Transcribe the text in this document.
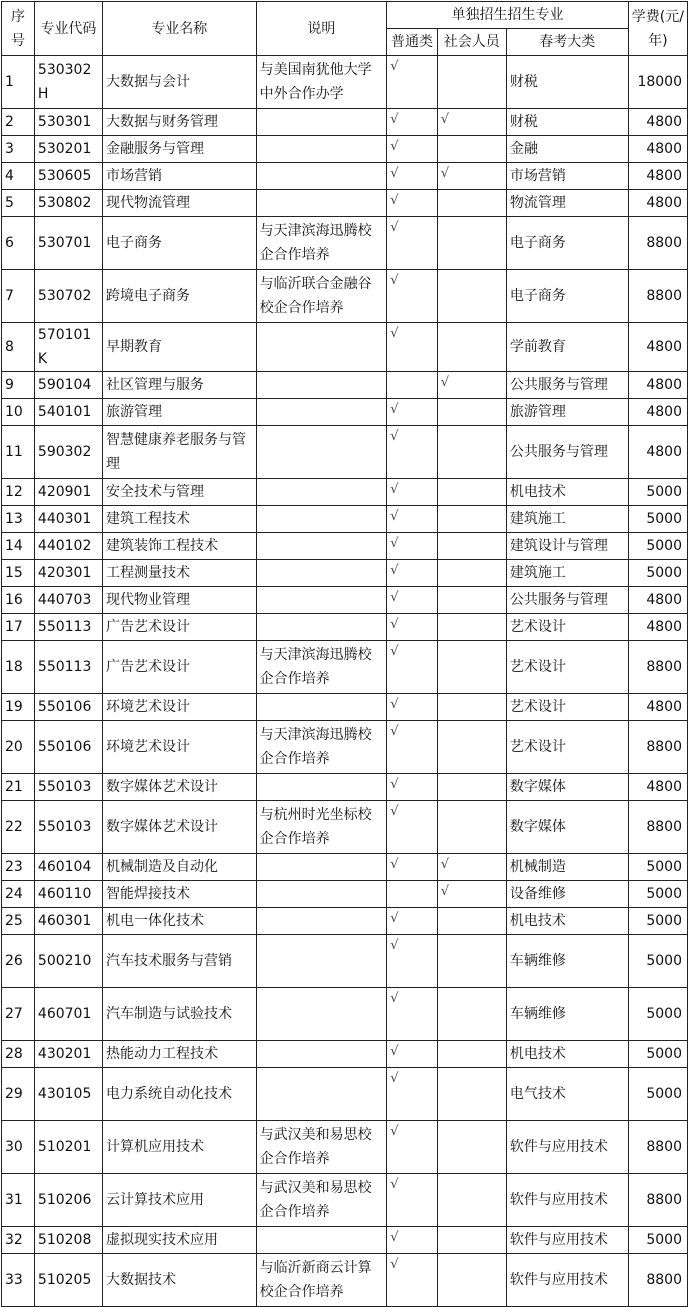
序号	专业代码	专业名称	说明	单独招生招生专业			学费(元/年)
				普通类	社会人员	春考大类	
1	530302H	大数据与会计	与美国南犹他大学中外合作办学	√		财税	18000
2	530301	大数据与财务管理		√	√	财税	4800
3	530201	金融服务与管理		√		金融	4800
4	530605	市场营销		√	√	市场营销	4800
5	530802	现代物流管理		√		物流管理	4800
6	530701	电子商务	与天津滨海迅腾校企合作培养	√		电子商务	8800
7	530702	跨境电子商务	与临沂联合金融谷校企合作培养	√		电子商务	8800
8	570101K	早期教育		√		学前教育	4800
9	590104	社区管理与服务			√	公共服务与管理	4800
10	540101	旅游管理		√		旅游管理	4800
11	590302	智慧健康养老服务与管理		√		公共服务与管理	4800
12	420901	安全技术与管理		√		机电技术	5000
13	440301	建筑工程技术		√		建筑施工	5000
14	440102	建筑装饰工程技术		√		建筑设计与管理	5000
15	420301	工程测量技术		√		建筑施工	5000
16	440703	现代物业管理		√		公共服务与管理	4800
17	550113	广告艺术设计		√		艺术设计	4800
18	550113	广告艺术设计	与天津滨海迅腾校企合作培养	√		艺术设计	8800
19	550106	环境艺术设计		√		艺术设计	4800
20	550106	环境艺术设计	与天津滨海迅腾校企合作培养	√		艺术设计	8800
21	550103	数字媒体艺术设计		√		数字媒体	4800
22	550103	数字媒体艺术设计	与杭州时光坐标校企合作培养	√		数字媒体	8800
23	460104	机械制造及自动化		√	√	机械制造	5000
24	460110	智能焊接技术			√	设备维修	5000
25	460301	机电一体化技术		√		机电技术	5000
26	500210	汽车技术服务与营销		√		车辆维修	5000
27	460701	汽车制造与试验技术		√		车辆维修	5000
28	430201	热能动力工程技术		√		机电技术	5000
29	430105	电力系统自动化技术		√		电气技术	5000
30	510201	计算机应用技术	与武汉美和易思校企合作培养	√		软件与应用技术	8800
31	510206	云计算技术应用	与武汉美和易思校企合作培养	√		软件与应用技术	8800
32	510208	虚拟现实技术应用		√		软件与应用技术	5000
33	510205	大数据技术	与临沂新商云计算校企合作培养	√		软件与应用技术	8800
